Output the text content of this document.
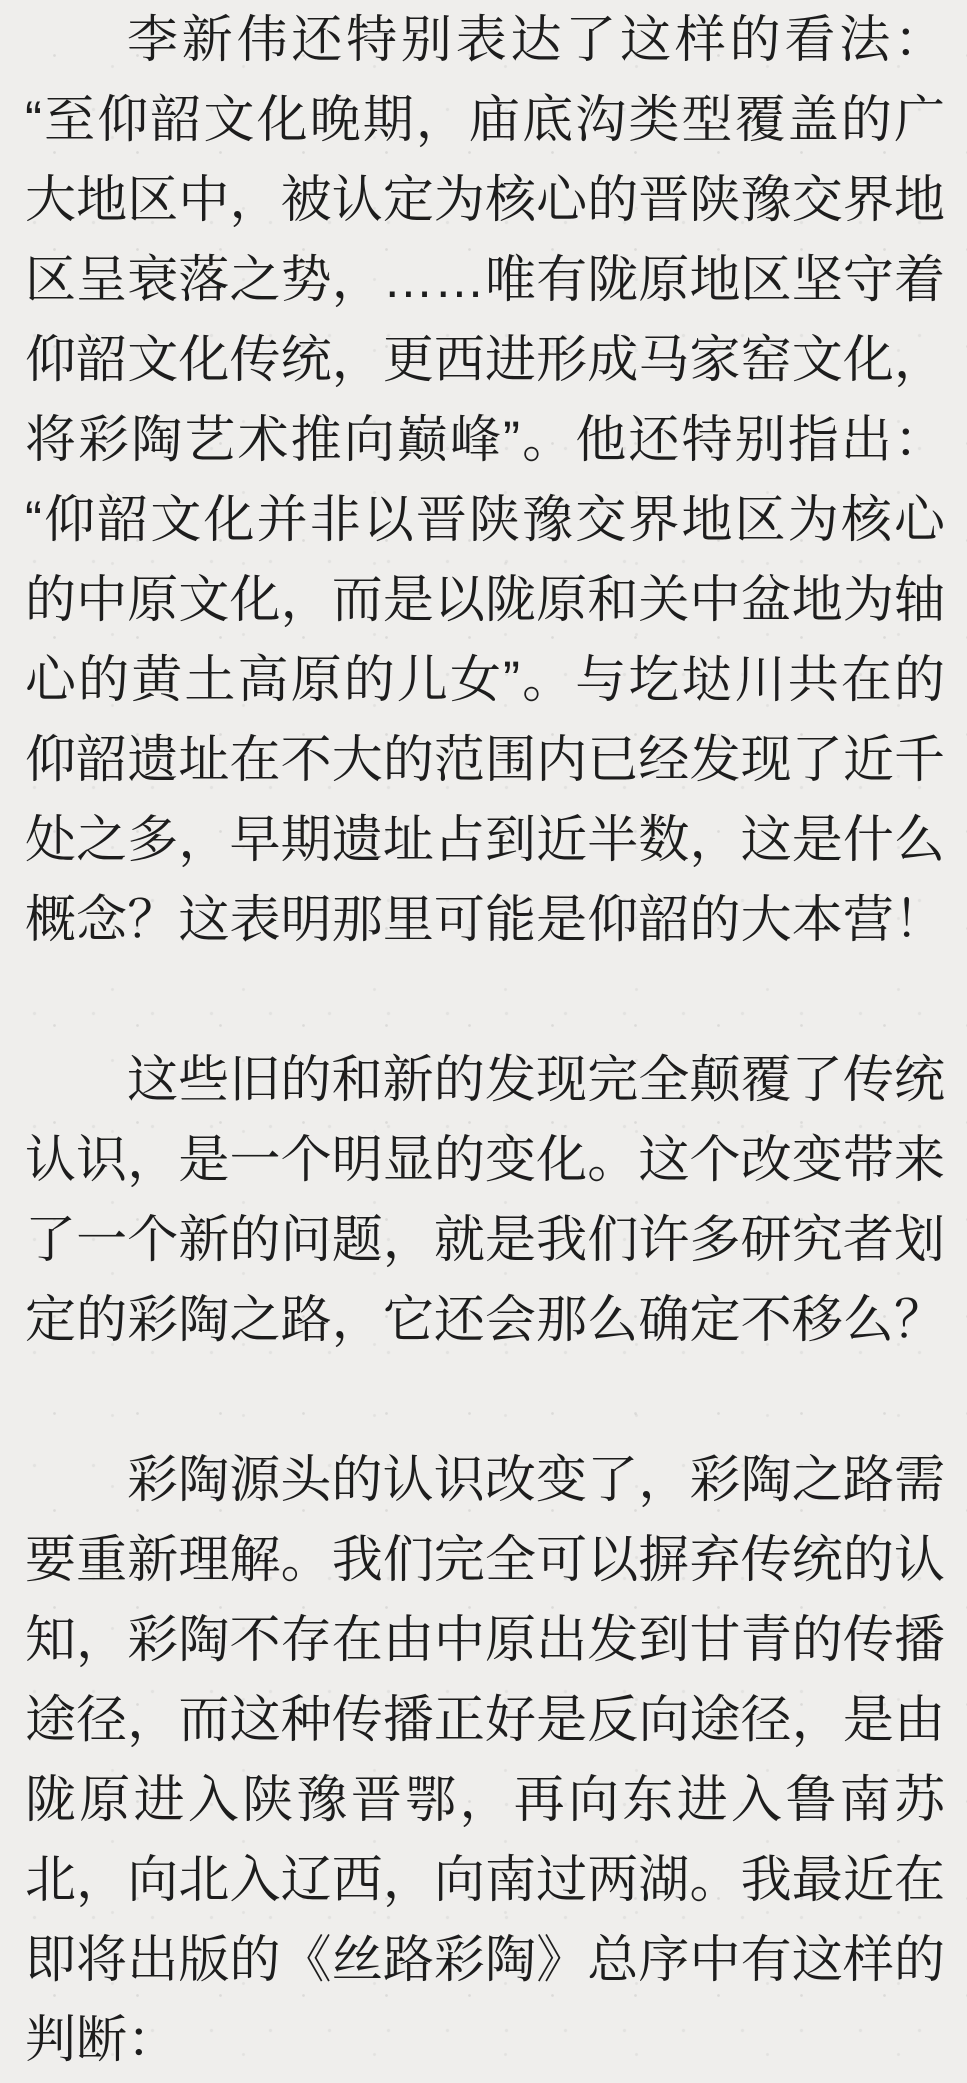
李新伟还特别表达了这样的看法：
“至仰韶文化晚期，庙底沟类型覆盖的广
大地区中，被认定为核心的晋陕豫交界地
区呈衰落之势，……唯有陇原地区坚守着
仰韶文化传统，更西进形成马家窑文化，
将彩陶艺术推向巅峰”。他还特别指出：
“仰韶文化并非以晋陕豫交界地区为核心
的中原文化，而是以陇原和关中盆地为轴
心的黄土高原的儿女”。与圪垯川共在的
仰韶遗址在不大的范围内已经发现了近千
处之多，早期遗址占到近半数，这是什么
概念？这表明那里可能是仰韶的大本营！
这些旧的和新的发现完全颠覆了传统
认识，是一个明显的变化。这个改变带来
了一个新的问题，就是我们许多研究者划
定的彩陶之路，它还会那么确定不移么？
彩陶源头的认识改变了，彩陶之路需
要重新理解。我们完全可以摒弃传统的认
知，彩陶不存在由中原出发到甘青的传播
途径，而这种传播正好是反向途径，是由
陇原进入陕豫晋鄂，再向东进入鲁南苏
北，向北入辽西，向南过两湖。我最近在
即将出版的《丝路彩陶》总序中有这样的
判断：
